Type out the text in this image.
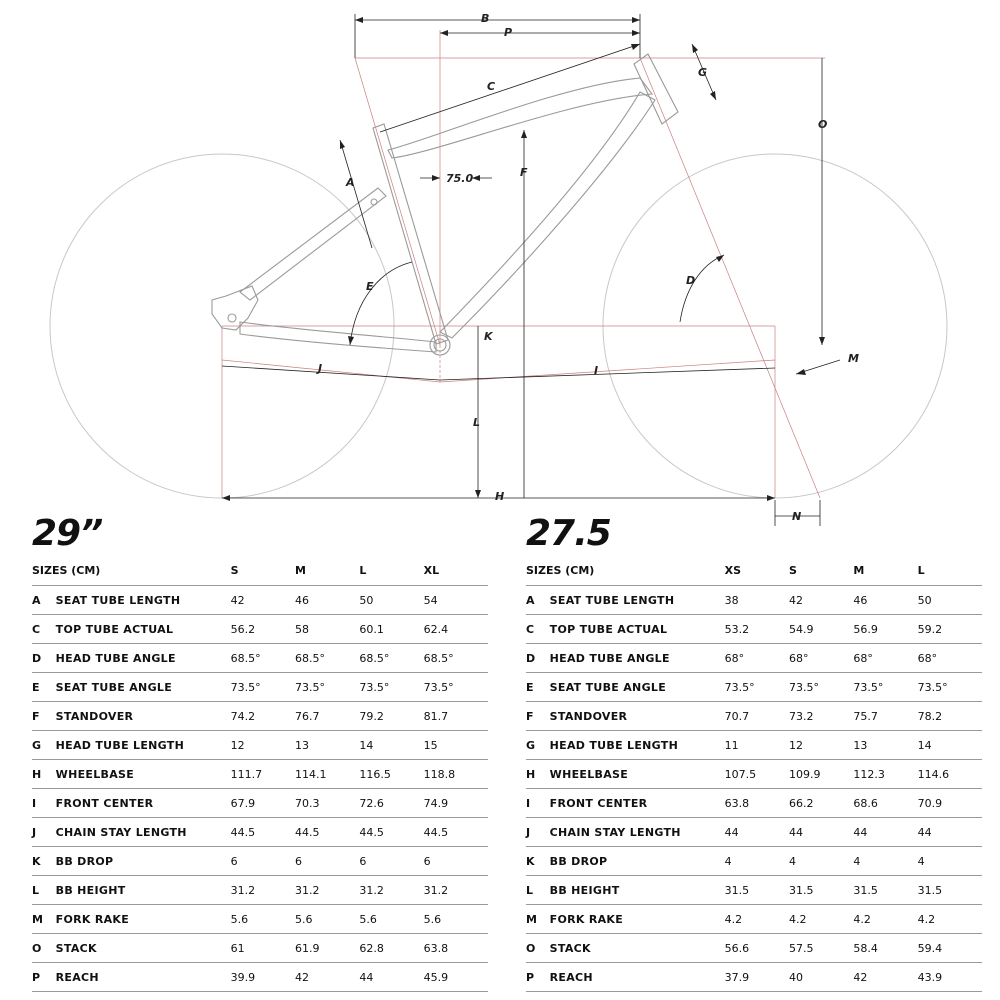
B
P
C
G
O
A	75.0	F
D
E
K
M
J	I
L
H
N
29”
SIZES (CM)	S	M	L	XL
A	SEAT TUBE LENGTH	42	46	50	54
C	TOP TUBE ACTUAL	56.2	58	60.1	62.4
D	HEAD TUBE ANGLE	68.5°	68.5°	68.5°	68.5°
E	SEAT TUBE ANGLE	73.5°	73.5°	73.5°	73.5°
F	STANDOVER	74.2	76.7	79.2	81.7
G	HEAD TUBE LENGTH	12	13	14	15
H	WHEELBASE	111.7	114.1	116.5	118.8
I	FRONT CENTER	67.9	70.3	72.6	74.9
J	CHAIN STAY LENGTH	44.5	44.5	44.5	44.5
K	BB DROP	6	6	6	6
L	BB HEIGHT	31.2	31.2	31.2	31.2
M	FORK RAKE	5.6	5.6	5.6	5.6
O	STACK	61	61.9	62.8	63.8
P	REACH	39.9	42	44	45.9
27.5
SIZES (CM)	XS	S	M	L
A	SEAT TUBE LENGTH	38	42	46	50
C	TOP TUBE ACTUAL	53.2	54.9	56.9	59.2
D	HEAD TUBE ANGLE	68°	68°	68°	68°
E	SEAT TUBE ANGLE	73.5°	73.5°	73.5°	73.5°
F	STANDOVER	70.7	73.2	75.7	78.2
G	HEAD TUBE LENGTH	11	12	13	14
H	WHEELBASE	107.5	109.9	112.3	114.6
I	FRONT CENTER	63.8	66.2	68.6	70.9
J	CHAIN STAY LENGTH	44	44	44	44
K	BB DROP	4	4	4	4
L	BB HEIGHT	31.5	31.5	31.5	31.5
M	FORK RAKE	4.2	4.2	4.2	4.2
O	STACK	56.6	57.5	58.4	59.4
P	REACH	37.9	40	42	43.9
